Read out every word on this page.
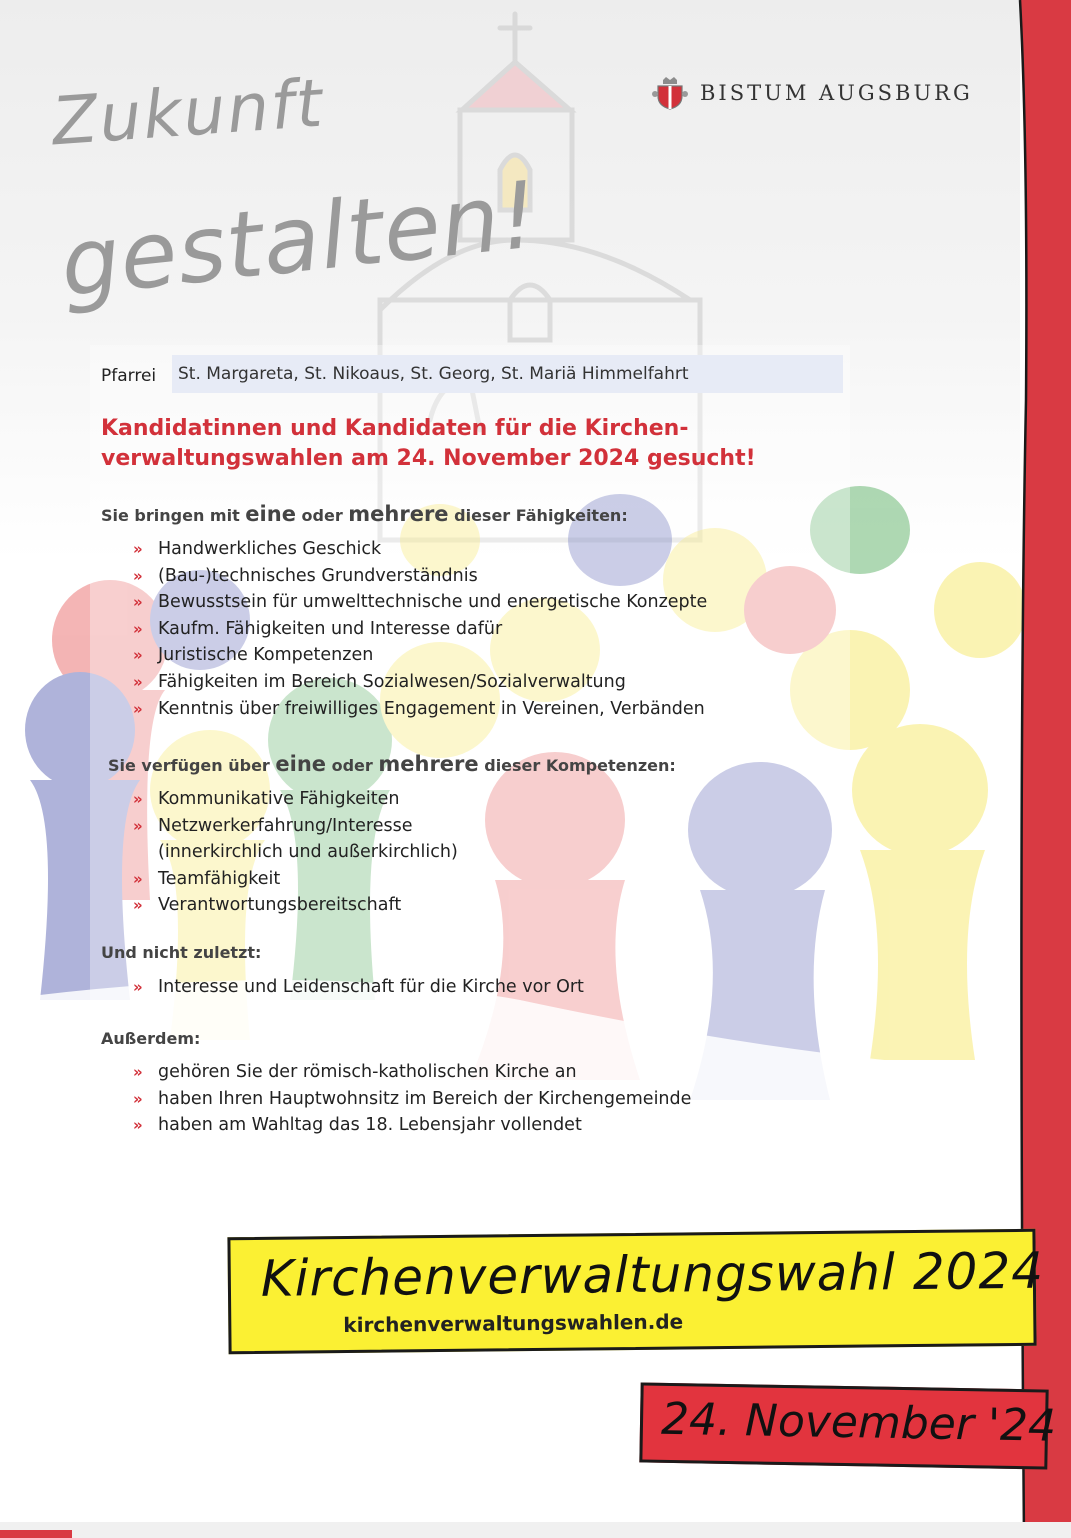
BISTUM AUGSBURG
Zukunft
gestalten!
Pfarrei St. Margareta, St. Nikoaus, St. Georg, St. Mariä Himmelfahrt
Kandidatinnen und Kandidaten für die Kirchen-
verwaltungswahlen am 24. November 2024 gesucht!
Sie bringen mit eine oder mehrere dieser Fähigkeiten:
» Handwerkliches Geschick
» (Bau-)technisches Grundverständnis
» Bewusstsein für umwelttechnische und energetische Konzepte
» Kaufm. Fähigkeiten und Interesse dafür
» Juristische Kompetenzen
» Fähigkeiten im Bereich Sozialwesen/Sozialverwaltung
» Kenntnis über freiwilliges Engagement in Vereinen, Verbänden
Sie verfügen über eine oder mehrere dieser Kompetenzen:
» Kommunikative Fähigkeiten
» Netzwerkerfahrung/Interesse
(innerkirchlich und außerkirchlich)
» Teamfähigkeit
» Verantwortungsbereitschaft
Und nicht zuletzt:
» Interesse und Leidenschaft für die Kirche vor Ort
Außerdem:
» gehören Sie der römisch-katholischen Kirche an
» haben Ihren Hauptwohnsitz im Bereich der Kirchengemeinde
» haben am Wahltag das 18. Lebensjahr vollendet
Kirchenverwaltungswahl 2024
kirchenverwaltungswahlen.de
24. November '24
